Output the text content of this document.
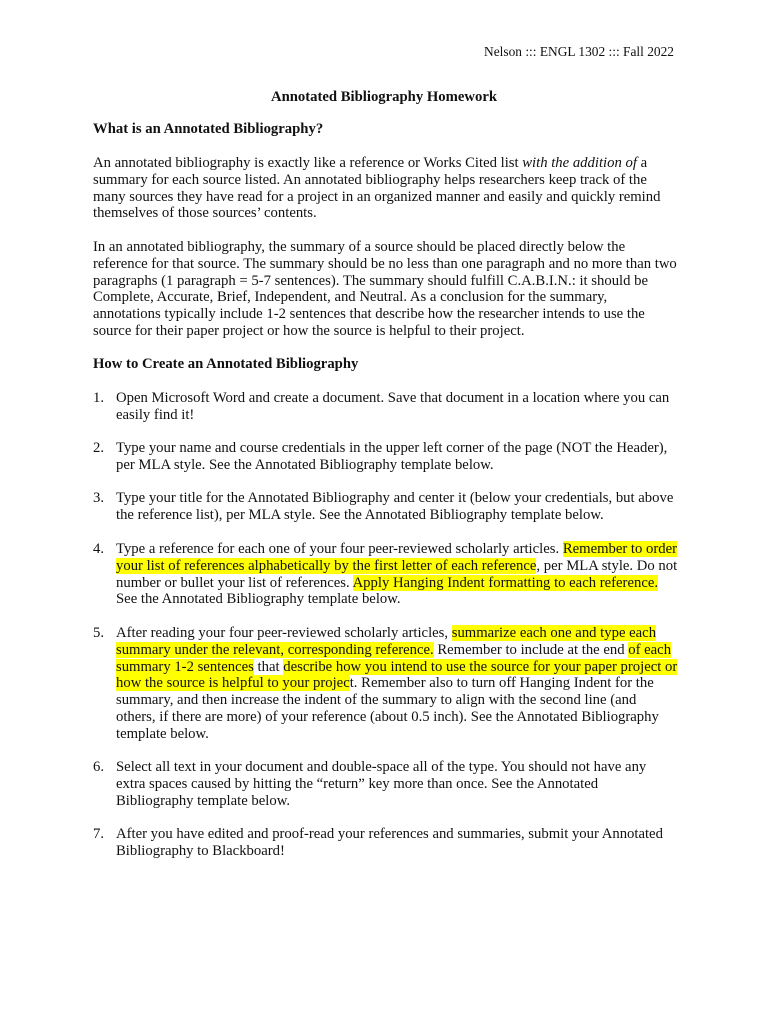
Nelson ::: ENGL 1302 ::: Fall 2022
Annotated Bibliography Homework
What is an Annotated Bibliography?

An annotated bibliography is exactly like a reference or Works Cited list with the addition of a summary for each source listed. An annotated bibliography helps researchers keep track of the many sources they have read for a project in an organized manner and easily and quickly remind themselves of those sources’ contents.

In an annotated bibliography, the summary of a source should be placed directly below the reference for that source. The summary should be no less than one paragraph and no more than two paragraphs (1 paragraph = 5-7 sentences). The summary should fulfill C.A.B.I.N.: it should be Complete, Accurate, Brief, Independent, and Neutral. As a conclusion for the summary, annotations typically include 1-2 sentences that describe how the researcher intends to use the source for their paper project or how the source is helpful to their project.

How to Create an Annotated Bibliography
1. Open Microsoft Word and create a document. Save that document in a location where you can easily find it!
2. Type your name and course credentials in the upper left corner of the page (NOT the Header), per MLA style. See the Annotated Bibliography template below.
3. Type your title for the Annotated Bibliography and center it (below your credentials, but above the reference list), per MLA style. See the Annotated Bibliography template below.
4. Type a reference for each one of your four peer-reviewed scholarly articles. Remember to order your list of references alphabetically by the first letter of each reference, per MLA style. Do not number or bullet your list of references. Apply Hanging Indent formatting to each reference. See the Annotated Bibliography template below.
5. After reading your four peer-reviewed scholarly articles, summarize each one and type each summary under the relevant, corresponding reference. Remember to include at the end of each summary 1-2 sentences that describe how you intend to use the source for your paper project or how the source is helpful to your project. Remember also to turn off Hanging Indent for the summary, and then increase the indent of the summary to align with the second line (and others, if there are more) of your reference (about 0.5 inch). See the Annotated Bibliography template below.
6. Select all text in your document and double-space all of the type. You should not have any extra spaces caused by hitting the “return” key more than once. See the Annotated Bibliography template below.
7. After you have edited and proof-read your references and summaries, submit your Annotated Bibliography to Blackboard!
